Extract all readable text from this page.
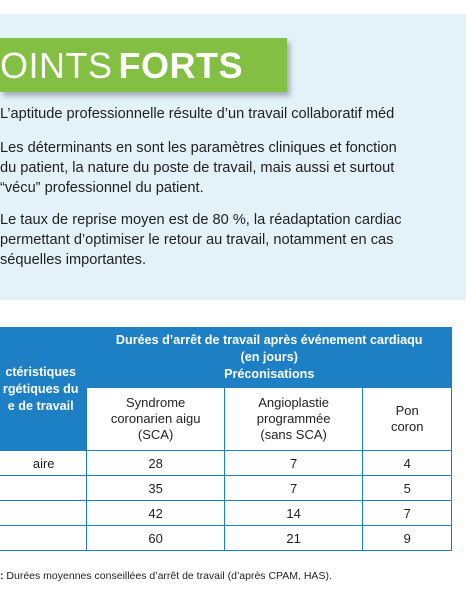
OINTS FORTS
L’aptitude professionnelle résulte d’un travail collaboratif méd
Les déterminants en sont les paramètres cliniques et fonction
du patient, la nature du poste de travail, mais aussi et surtout
“vécu” professionnel du patient.
Le taux de reprise moyen est de 80 %, la réadaptation cardiac
permettant d’optimiser le retour au travail, notamment en cas
séquelles importantes.
ctéristiques
rgétiques du
e de travail	Durées d’arrêt de travail après événement cardiaqu
(en jours)
Préconisations		

	Syndrome
coronarien aigu
(SCA)	Angioplastie
programmée
(sans SCA)	Pon
coron

aire	28	7	4
	35	7	5
	42	14	7
	60	21	9
: Durées moyennes conseillées d’arrêt de travail (d’après CPAM, HAS).
